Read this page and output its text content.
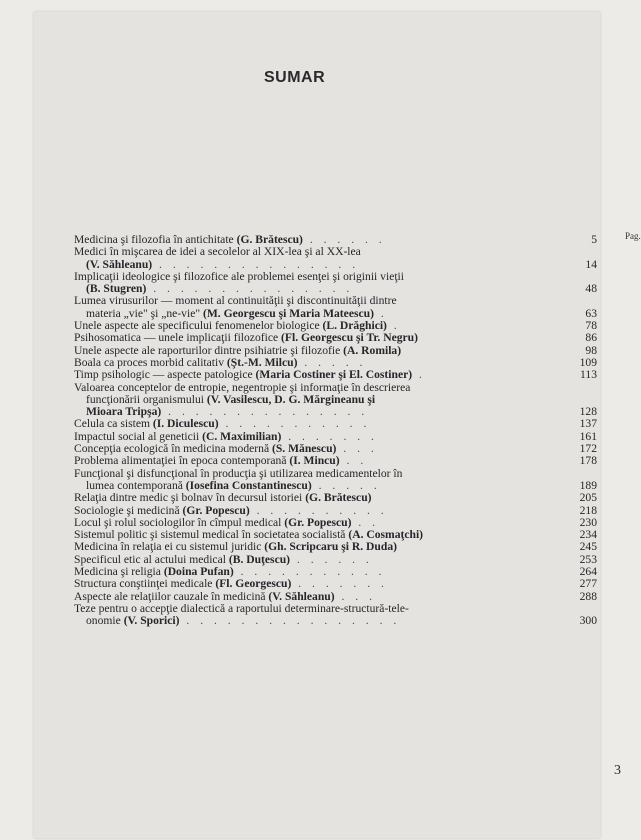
SUMAR
Pag.
3
Medicina şi filozofia în antichitate (G. Brătescu) . . . . . .	5
Medici în mişcarea de idei a secolelor al XIX-lea şi al XX-lea
(V. Săhleanu) . . . . . . . . . . . . . . .	14
Implicaţii ideologice şi filozofice ale problemei esenţei şi originii vieţii
(B. Stugren) . . . . . . . . . . . . . . .	48
Lumea virusurilor — moment al continuităţii şi discontinuităţii dintre
materia „vie" şi „ne-vie" (M. Georgescu şi Maria Mateescu) .	63
Unele aspecte ale specificului fenomenelor biologice (L. Drăghici) .	78
Psihosomatica — unele implicaţii filozofice (Fl. Georgescu şi Tr. Negru)	86
Unele aspecte ale raporturilor dintre psihiatrie şi filozofie (A. Romila)	98
Boala ca proces morbid calitativ (Şt.-M. Milcu) . . . . .	109
Timp psihologic — aspecte patologice (Maria Costiner şi El. Costiner) .	113
Valoarea conceptelor de entropie, negentropie şi informaţie în descrierea
funcţionării organismului (V. Vasilescu, D. G. Mărgineanu şi
Mioara Tripşa) . . . . . . . . . . . . . . .	128
Celula ca sistem (I. Diculescu) . . . . . . . . . . .	137
Impactul social al geneticii (C. Maximilian) . . . . . . .	161
Concepţia ecologică în medicina modernă (S. Mănescu) . . .	172
Problema alimentaţiei în epoca contemporană (I. Mincu) . .	178
Funcţional şi disfuncţional în producţia şi utilizarea medicamentelor în
lumea contemporană (Iosefina Constantinescu) . . . . .	189
Relaţia dintre medic şi bolnav în decursul istoriei (G. Brătescu)	205
Sociologie şi medicină (Gr. Popescu) . . . . . . . . . .	218
Locul şi rolul sociologilor în cîmpul medical (Gr. Popescu) . .	230
Sistemul politic şi sistemul medical în societatea socialistă (A. Cosmaţchi)	234
Medicina în relaţia ei cu sistemul juridic (Gh. Scripcaru şi R. Duda)	245
Specificul etic al actului medical (B. Duţescu) . . . . . .	253
Medicina şi religia (Doina Pufan) . . . . . . . . . . .	264
Structura conştiinţei medicale (Fl. Georgescu) . . . . . . .	277
Aspecte ale relaţiilor cauzale în medicină (V. Săhleanu) . . .	288
Teze pentru o accepţie dialectică a raportului determinare-structură-tele-
onomie (V. Sporici) . . . . . . . . . . . . . . . .	300
